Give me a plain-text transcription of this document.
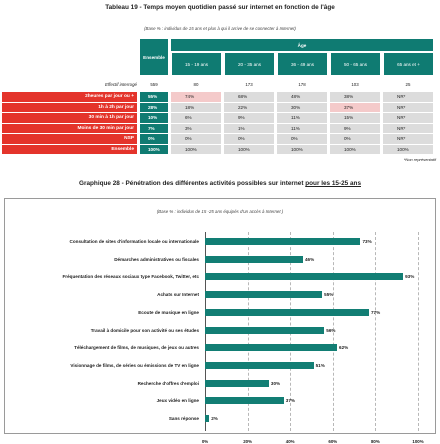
Tableau 19 - Temps moyen quotidien passé sur internet en fonction de l'âge
(Base % : individus de 15 ans et plus à qui il arrive de se connecter à Internet)
Ensemble
Âge
15 - 19 ans	20 - 35 ans	36 - 49 ans	50 - 65 ans	65 ans et +
Effectif interrogé	559	80	173	178	103	25
2heures par jour ou +	55%	74%	68%	48%	38%	NR*
1h à 2h par jour	28%	18%	22%	30%	37%	NR*
30 min à 1h par jour	10%	6%	9%	11%	15%	NR*
Moins de 30 min par jour	7%	3%	1%	11%	9%	NR*
NSP	0%	0%	0%	0%	0%	NR*
Ensemble	100%	100%	100%	100%	100%	100%
*Non représentatif
Graphique 28 - Pénétration des différentes activités possibles sur internet pour les 15-25 ans
(Base % : individus de 15 -25 ans équipés d'un accès à Internet )
0%	20%	40%	60%	80%	100%
Consultation de sites d'information locale ou internationale	73%
Démarches administratives ou fiscales	46%
Fréquentation des réseaux sociaux type Facebook, Twitter, etc	93%
Achats sur Internet	55%
Ecoute de musique en ligne	77%
Travail à domicile pour son activité ou ses études	56%
Téléchargement de films, de musiques, de jeux ou autres	62%
Visionnage de films, de séries ou émissions de TV en ligne	51%
Recherche d'offres d'emploi	30%
Jeux vidéo en ligne	37%
Sans réponse	2%
